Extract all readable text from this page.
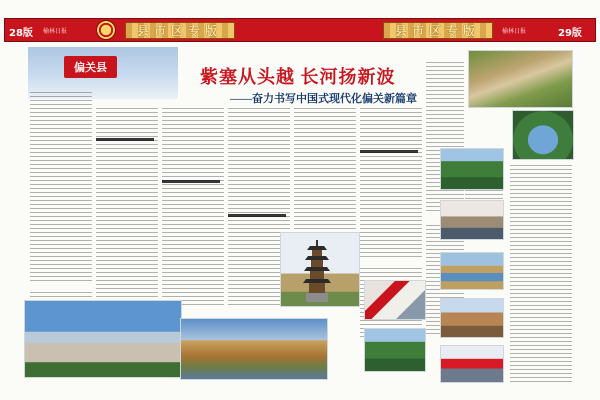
28版 榆林日报	县市区专版	县市区专版	榆林日报	29版
偏关县	紫塞从头越 长河扬新波
——奋力书写中国式现代化偏关新篇章
